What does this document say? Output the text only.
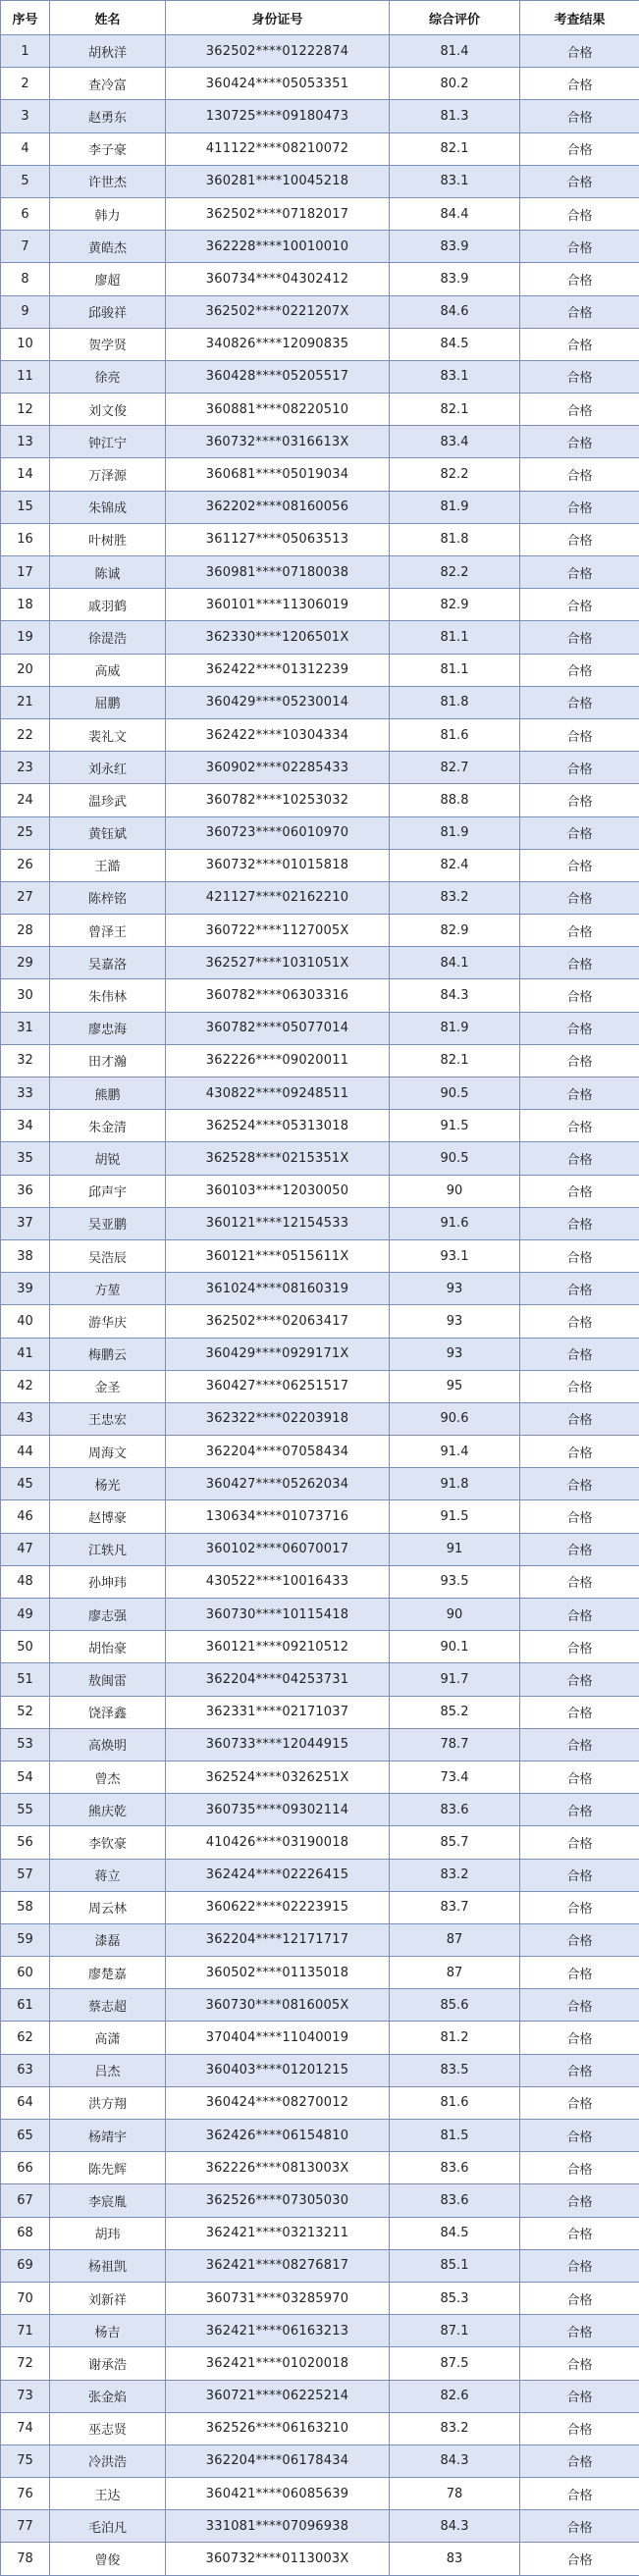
序号	姓名	身份证号	综合评价	考查结果
1	胡秋洋	362502****01222874	81.4	合格
2	查冷富	360424****05053351	80.2	合格
3	赵勇东	130725****09180473	81.3	合格
4	李子豪	411122****08210072	82.1	合格
5	许世杰	360281****10045218	83.1	合格
6	韩力	362502****07182017	84.4	合格
7	黄皓杰	362228****10010010	83.9	合格
8	廖超	360734****04302412	83.9	合格
9	邱骏祥	362502****0221207X	84.6	合格
10	贺学贤	340826****12090835	84.5	合格
11	徐亮	360428****05205517	83.1	合格
12	刘文俊	360881****08220510	82.1	合格
13	钟江宁	360732****0316613X	83.4	合格
14	万泽源	360681****05019034	82.2	合格
15	朱锦成	362202****08160056	81.9	合格
16	叶树胜	361127****05063513	81.8	合格
17	陈诚	360981****07180038	82.2	合格
18	戚羽鹤	360101****11306019	82.9	合格
19	徐湜浩	362330****1206501X	81.1	合格
20	高威	362422****01312239	81.1	合格
21	屈鹏	360429****05230014	81.8	合格
22	裴礼文	362422****10304334	81.6	合格
23	刘永红	360902****02285433	82.7	合格
24	温珍武	360782****10253032	88.8	合格
25	黄钰斌	360723****06010970	81.9	合格
26	王澔	360732****01015818	82.4	合格
27	陈梓铭	421127****02162210	83.2	合格
28	曾泽王	360722****1127005X	82.9	合格
29	吴嘉洛	362527****1031051X	84.1	合格
30	朱伟林	360782****06303316	84.3	合格
31	廖忠海	360782****05077014	81.9	合格
32	田才瀚	362226****09020011	82.1	合格
33	熊鹏	430822****09248511	90.5	合格
34	朱金清	362524****05313018	91.5	合格
35	胡锐	362528****0215351X	90.5	合格
36	邱声宇	360103****12030050	90	合格
37	吴亚鹏	360121****12154533	91.6	合格
38	吴浩辰	360121****0515611X	93.1	合格
39	方堃	361024****08160319	93	合格
40	游华庆	362502****02063417	93	合格
41	梅鹏云	360429****0929171X	93	合格
42	金圣	360427****06251517	95	合格
43	王忠宏	362322****02203918	90.6	合格
44	周海文	362204****07058434	91.4	合格
45	杨光	360427****05262034	91.8	合格
46	赵博豪	130634****01073716	91.5	合格
47	江轶凡	360102****06070017	91	合格
48	孙坤玮	430522****10016433	93.5	合格
49	廖志强	360730****10115418	90	合格
50	胡怡豪	360121****09210512	90.1	合格
51	敖闽雷	362204****04253731	91.7	合格
52	饶泽鑫	362331****02171037	85.2	合格
53	高焕明	360733****12044915	78.7	合格
54	曾杰	362524****0326251X	73.4	合格
55	熊庆乾	360735****09302114	83.6	合格
56	李钦豪	410426****03190018	85.7	合格
57	蒋立	362424****02226415	83.2	合格
58	周云林	360622****02223915	83.7	合格
59	漆磊	362204****12171717	87	合格
60	廖楚嘉	360502****01135018	87	合格
61	蔡志超	360730****0816005X	85.6	合格
62	高潇	370404****11040019	81.2	合格
63	吕杰	360403****01201215	83.5	合格
64	洪方翔	360424****08270012	81.6	合格
65	杨靖宇	362426****06154810	81.5	合格
66	陈先辉	362226****0813003X	83.6	合格
67	李宸胤	362526****07305030	83.6	合格
68	胡玮	362421****03213211	84.5	合格
69	杨祖凯	362421****08276817	85.1	合格
70	刘新祥	360731****03285970	85.3	合格
71	杨吉	362421****06163213	87.1	合格
72	谢承浩	362421****01020018	87.5	合格
73	张金焰	360721****06225214	82.6	合格
74	巫志贤	362526****06163210	83.2	合格
75	冷洪浩	362204****06178434	84.3	合格
76	王达	360421****06085639	78	合格
77	毛泊凡	331081****07096938	84.3	合格
78	曾俊	360732****0113003X	83	合格
